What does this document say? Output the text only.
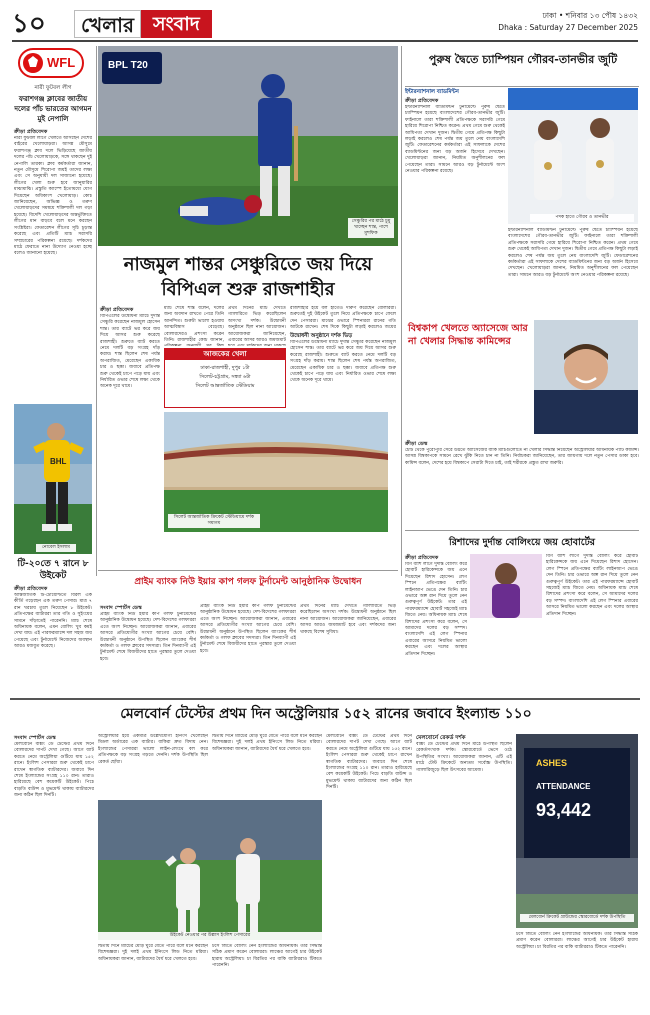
১০	খেলার	সংবাদ	ঢাকা • শনিবার ১৩ পৌষ ১৪৩২
Dhaka : Saturday 27 December 2025
WFL
নারী ফুটবল লীগ
ফরাশগঞ্জ ক্লাবের জাতীয় দলের পাঁচ ভারতের আগমন মুই নেপালি
ক্রীড়া প্রতিবেদক
নারী ফুটবল লীগে খেলতে আসছেন দেশের বাইরের খেলোয়াড়রা। আসন্ন মৌসুমে ফরাশগঞ্জ ক্লাব দলে ভিড়িয়েছে জাতীয় দলের পাঁচ খেলোয়াড়কে, সঙ্গে থাকছেন দুই নেপালি তারকা। ক্লাব কর্মকর্তারা জানান, নতুন মৌসুমে শিরোপা জয়ই তাদের লক্ষ্য এবং সে অনুযায়ী দল সাজানো হয়েছে। লীগের খেলা শুরু হবে জানুয়ারির মাঝামাঝি। প্রস্তুতি ক্যাম্পে ইতোমধ্যে যোগ দিয়েছেন অধিকাংশ খেলোয়াড়। কোচ জানিয়েছেন, অভিজ্ঞ ও তরুণ খেলোয়াড়দের সমন্বয়ে শক্তিশালী দল গড়া হয়েছে। বিদেশি খেলোয়াড়দের অন্তর্ভুক্তিতে লীগের মান বাড়বে বলে মনে করছেন সংশ্লিষ্টরা। ফেডারেশন লীগের সূচি চূড়ান্ত করেছে এবং প্রতিটি ম্যাচ সরাসরি সম্প্রচারের পরিকল্পনা রয়েছে। দর্শকদের মাঠে ফেরাতে নানা উদ্যোগ নেওয়া হচ্ছে বলেও জানানো হয়েছে।
BHL
নোবেল ইসলাম
টি-২০তে ৭ রানে ৮ উইকেট
ক্রীড়া প্রতিবেদক
আন্তর্জাতিক টি-টোয়েন্টিতে বিরল এক কীর্তি গড়েছেন এক তরুণ পেসার। মাত্র ৭ রান খরচায় তুলে নিয়েছেন ৮ উইকেট। প্রতিপক্ষের ব্যাটাররা তার গতি ও সুইংয়ের সামনে দাঁড়াতেই পারেননি। ম্যাচ শেষে অধিনায়ক বলেন, এমন বোলিং খুব কমই দেখা যায়। এই পারফরম্যান্সে দল সহজ জয় পেয়েছে এবং টুর্নামেন্টে নিজেদের অবস্থান আরও মজবুত করেছে।
BPL T20
সেঞ্চুরির পর মাঠে চুমু খাচ্ছেন শান্ত, পাশে মুশফিক
নাজমুল শান্তর সেঞ্চুরিতে জয় দিয়ে বিপিএল শুরু রাজশাহীর
ক্রীড়া প্রতিবেদক
বিপিএলের উদ্বোধনী ম্যাচে দুর্দান্ত সেঞ্চুরি করেছেন নাজমুল হোসেন শান্ত। তার ব্যাটে ভর করে জয় দিয়ে আসর শুরু করেছে রাজশাহী। শুরুতে ব্যাট করতে নেমে দলটি বড় সংগ্রহ দাঁড় করায়। শান্ত ছিলেন শেষ পর্যন্ত অপরাজিত, মেরেছেন একাধিক চার ও ছক্কা। জবাবে প্রতিপক্ষ শুরু থেকেই চাপে পড়ে যায় এবং নির্ধারিত ওভার শেষে লক্ষ্য থেকে অনেক দূরে থামে।
ম্যাচ শেষে শান্ত বলেন, দলের জন্য অবদান রাখতে পেরে তিনি আনন্দিত। শুরুটা ভালো হওয়ায় আত্মবিশ্বাস বেড়েছে। বোলারদেরও প্রশংসা করেন তিনি। রাজশাহীর কোচ জানান,
আজকের খেলা
ঢাকা-রাজশাহী, দুপুর ১টা
সিলেট-চট্টগ্রাম, সন্ধ্যা ৬টা
সিলেট আন্তর্জাতিক স্টেডিয়াম
প্রথম দিনের ম্যাচ দেখতে গ্যালারিতে ভিড় করেছিলেন অসংখ্য দর্শক। উদ্বোধনী অনুষ্ঠানে ছিল নানা আয়োজন। আয়োজকরা জানিয়েছেন, এবারের আসর আরও জমজমাট
রাজশাহীর হয়ে বল হাতেও দারুণ করেছেন বোলাররা। শুরুতেই দুই উইকেট তুলে নিয়ে প্রতিপক্ষকে চাপে ফেলে দেন পেসাররা। মাঝের ওভারে স্পিনাররা রানের গতি আটকে রাখেন। শেষ দিকে কিছুটা লড়াই করলেও জয়ের
উদ্বোধনী অনুষ্ঠানে দর্শক ভিড়
বিপিএলের উদ্বোধনী ম্যাচে দুর্দান্ত সেঞ্চুরি করেছেন নাজমুল হোসেন শান্ত। তার ব্যাটে ভর করে জয় দিয়ে আসর শুরু করেছে রাজশাহী। শুরুতে ব্যাট করতে নেমে দলটি বড় সংগ্রহ দাঁড় করায়। শান্ত ছিলেন শেষ পর্যন্ত অপরাজিত, মেরেছেন একাধিক চার ও ছক্কা। জবাবে প্রতিপক্ষ শুরু থেকেই চাপে পড়ে যায় এবং নির্ধারিত ওভার শেষে লক্ষ্য থেকে অনেক দূরে থামে।
সিলেট আন্তর্জাতিক ক্রিকেট স্টেডিয়ামে দর্শক সমাগম
পুরুষ দ্বৈতে চ্যাম্পিয়ন গৌরব-তানভীর জুটি
ইন্টারন্যাশনাল ব্যাডমিন্টন
ক্রীড়া প্রতিবেদক
ইন্টারন্যাশনাল ব্যাডমিন্টন টুর্নামেন্টে পুরুষ দ্বৈতে চ্যাম্পিয়ন হয়েছে বাংলাদেশের গৌরব-তানভীর জুটি। ফাইনালে তারা শক্তিশালী প্রতিপক্ষকে সরাসরি গেমে হারিয়ে শিরোপা নিশ্চিত করেন। প্রথম গেমে শুরু থেকেই আধিপত্য দেখান দুজন। দ্বিতীয় গেমে প্রতিপক্ষ কিছুটা লড়াই করলেও শেষ পর্যন্ত জয় তুলে নেয় বাংলাদেশি জুটি। ফেডারেশনের কর্মকর্তারা এই সাফল্যকে দেশের ব্যাডমিন্টনের জন্য বড় অর্জন হিসেবে দেখছেন। খেলোয়াড়রা জানান, নিয়মিত অনুশীলনের ফল পেয়েছেন তারা। সামনে আরও বড় টুর্নামেন্টে অংশ নেওয়ার পরিকল্পনা রয়েছে।
পদক হাতে গৌরব ও তানভীর
ইন্টারন্যাশনাল ব্যাডমিন্টন টুর্নামেন্টে পুরুষ দ্বৈতে চ্যাম্পিয়ন হয়েছে বাংলাদেশের গৌরব-তানভীর জুটি। ফাইনালে তারা শক্তিশালী প্রতিপক্ষকে সরাসরি গেমে হারিয়ে শিরোপা নিশ্চিত করেন। প্রথম গেমে শুরু থেকেই আধিপত্য দেখান দুজন। দ্বিতীয় গেমে প্রতিপক্ষ কিছুটা লড়াই করলেও শেষ পর্যন্ত জয় তুলে নেয় বাংলাদেশি জুটি। ফেডারেশনের কর্মকর্তারা এই সাফল্যকে দেশের ব্যাডমিন্টনের জন্য বড় অর্জন হিসেবে দেখছেন। খেলোয়াড়রা জানান, নিয়মিত অনুশীলনের ফল পেয়েছেন তারা। সামনে আরও বড় টুর্নামেন্টে অংশ নেওয়ার পরিকল্পনা রয়েছে।
বিশ্বকাপ খেলতে অ্যাসেজে আর না খেলার সিদ্ধান্ত কামিন্সের
ক্রীড়া ডেস্ক
চোট থেকে পুরোপুরি সেরে উঠতে অ্যাসেজের বাকি ম্যাচগুলোতে না খেলার সিদ্ধান্ত নিয়েছেন অস্ট্রেলিয়ার অধিনায়ক প্যাট কামিন্স। আসন্ন বিশ্বকাপকে সামনে রেখে ঝুঁকি নিতে চান না তিনি। নির্বাচকরা জানিয়েছেন, তার জায়গায় দলে নতুন পেসার ডাকা হবে। কামিন্স বলেন, দেশের হয়ে বিশ্বকাপে সেরাটা দিতে চাই, তাই শরীরকে প্রস্তুত রাখা জরুরি।
রিশাদের দুর্দান্ত বোলিংয়ে জয় হোবার্টের
ক্রীড়া প্রতিবেদক
বিগ ব্যাশ লীগে দুর্দান্ত বোলিং করে হোবার্ট হারিকেন্সকে জয় এনে দিয়েছেন রিশাদ হোসেন। লেগ স্পিনে প্রতিপক্ষের ব্যাটিং লাইনআপ ভেঙে দেন তিনি। চার ওভারে অল্প রান দিয়ে তুলে নেন গুরুত্বপূর্ণ উইকেট। তার এই পারফরম্যান্সে হোবার্ট সহজেই ম্যাচ জিতে নেয়। অধিনায়ক ম্যাচ শেষে রিশাদের প্রশংসা করে বলেন, সে আমাদের দলের বড় সম্পদ। বাংলাদেশি এই লেগ স্পিনার এবারের আসরে নিয়মিত ভালো করছেন এবং দলের আস্থার প্রতিদান দিচ্ছেন।
বিগ ব্যাশ লীগে দুর্দান্ত বোলিং করে হোবার্ট হারিকেন্সকে জয় এনে দিয়েছেন রিশাদ হোসেন। লেগ স্পিনে প্রতিপক্ষের ব্যাটিং লাইনআপ ভেঙে দেন তিনি। চার ওভারে অল্প রান দিয়ে তুলে নেন গুরুত্বপূর্ণ উইকেট। তার এই পারফরম্যান্সে হোবার্ট সহজেই ম্যাচ জিতে নেয়। অধিনায়ক ম্যাচ শেষে রিশাদের প্রশংসা করে বলেন, সে আমাদের দলের বড় সম্পদ। বাংলাদেশি এই লেগ স্পিনার এবারের আসরে নিয়মিত ভালো করছেন এবং দলের আস্থার প্রতিদান দিচ্ছেন।
প্রাইম ব্যাংক নিউ ইয়ার কাপ গলফ টুর্নামেন্ট আনুষ্ঠানিক উদ্বোধন
সংবাদ স্পোর্টস ডেস্ক
প্রাইম ব্যাংক নিউ ইয়ার কাপ গলফ টুর্নামেন্টের আনুষ্ঠানিক উদ্বোধন হয়েছে। দেশ-বিদেশের গলফাররা এতে অংশ নিচ্ছেন। আয়োজকরা জানান, এবারের আসরে প্রতিযোগীর সংখ্যা আগের চেয়ে বেশি। উদ্বোধনী অনুষ্ঠানে উপস্থিত ছিলেন ব্যাংকের শীর্ষ কর্মকর্তা ও গলফ ক্লাবের সদস্যরা। তিন দিনব্যাপী এই টুর্নামেন্ট শেষে বিজয়ীদের হাতে পুরস্কার তুলে দেওয়া হবে।
প্রাইম ব্যাংক নিউ ইয়ার কাপ গলফ টুর্নামেন্টের আনুষ্ঠানিক উদ্বোধন হয়েছে। দেশ-বিদেশের গলফাররা এতে অংশ নিচ্ছেন। আয়োজকরা জানান, এবারের আসরে প্রতিযোগীর সংখ্যা আগের চেয়ে বেশি। উদ্বোধনী অনুষ্ঠানে উপস্থিত ছিলেন ব্যাংকের শীর্ষ কর্মকর্তা ও গলফ ক্লাবের সদস্যরা। তিন দিনব্যাপী এই টুর্নামেন্ট শেষে বিজয়ীদের হাতে পুরস্কার তুলে দেওয়া হবে।
প্রথম দিনের ম্যাচ দেখতে গ্যালারিতে ভিড় করেছিলেন অসংখ্য দর্শক। উদ্বোধনী অনুষ্ঠানে ছিল নানা আয়োজন। আয়োজকরা জানিয়েছেন, এবারের আসর আরও জমজমাট হবে এবং দর্শকদের জন্য থাকছে বিশেষ সুবিধা।
মেলবোর্ন টেস্টের প্রথম দিন অস্ট্রেলিয়ার ১৫২ রানের জবাবে ইংল্যান্ড ১১০
সংবাদ স্পোর্টস ডেস্ক
মেলবোর্নে বক্সিং ডে টেস্টের প্রথম দিনে বোলারদের দাপট দেখা গেছে। আগে ব্যাট করতে নেমে অস্ট্রেলিয়া গুটিয়ে যায় ১৫২ রানে। ইংলিশ পেসাররা শুরু থেকেই চাপে রাখেন স্বাগতিক ব্যাটারদের। জবাবে দিন শেষে ইংল্যান্ডের সংগ্রহ ১১০ রান। তারাও হারিয়েছে বেশ কয়েকটি উইকেট। পিচে বাড়তি বাউন্স ও মুভমেন্ট থাকায় ব্যাটারদের জন্য কঠিন ছিল দিনটি।
অস্ট্রেলিয়ার হয়ে একমাত্র উল্লেখযোগ্য ইনিংস খেলেছেন মিডল অর্ডারের এক ব্যাটার। বাকিরা দ্রুত বিদায় নেন। ইংল্যান্ডের পেসাররা ভালো লাইন-লেংথে বল করে প্রতিপক্ষকে বড় সংগ্রহ গড়তে দেননি। দর্শক উপস্থিতি ছিল রেকর্ড ছোঁয়া।
দ্বিতীয় দিনে ম্যাচের মোড় ঘুরে যেতে পারে বলে মনে করছেন বিশেষজ্ঞরা। দুই দলই প্রথম ইনিংসে লিড নিতে মরিয়া। অধিনায়করা জানান, ব্যাটারদের ধৈর্য ধরে খেলতে হবে।
উইকেট নেওয়ার পর উল্লাস ইংলিশ পেসারের
দ্বিতীয় দিনে ম্যাচের মোড় ঘুরে যেতে পারে বলে মনে করছেন বিশেষজ্ঞরা। দুই দলই প্রথম ইনিংসে লিড নিতে মরিয়া। অধিনায়করা জানান, ব্যাটারদের ধৈর্য ধরে খেলতে হবে।
টসে জিতে বোলিং নেন ইংল্যান্ডের অধিনায়ক। তার সিদ্ধান্ত সঠিক প্রমাণ করেন বোলাররা। লাঞ্চের আগেই চার উইকেট হারায় অস্ট্রেলিয়া। চা বিরতির পর বাকি ব্যাটাররাও টিকতে পারেননি।
মেলবোর্নে বক্সিং ডে টেস্টের প্রথম দিনে বোলারদের দাপট দেখা গেছে। আগে ব্যাট করতে নেমে অস্ট্রেলিয়া গুটিয়ে যায় ১৫২ রানে। ইংলিশ পেসাররা শুরু থেকেই চাপে রাখেন স্বাগতিক ব্যাটারদের। জবাবে দিন শেষে ইংল্যান্ডের সংগ্রহ ১১০ রান। তারাও হারিয়েছে বেশ কয়েকটি উইকেট। পিচে বাড়তি বাউন্স ও মুভমেন্ট থাকায় ব্যাটারদের জন্য কঠিন ছিল দিনটি।
মেলবোর্নে রেকর্ড দর্শক
বক্সিং ডে টেস্টের প্রথম দিনে মাঠে উপস্থিত ছিলেন রেকর্ডসংখ্যক দর্শক। স্কোরবোর্ডে ভেসে ওঠে উপস্থিতির সংখ্যা। আয়োজকরা জানান, এটি এই মাঠে টেস্ট ক্রিকেটে অন্যতম সর্বোচ্চ উপস্থিতি। গ্যালারিজুড়ে ছিল উৎসবের আমেজ।
ASHES
ATTENDANCE
93,442
মেলবোর্ন ক্রিকেট গ্রাউন্ডের স্কোরবোর্ডে দর্শক উপস্থিতি
টসে জিতে বোলিং নেন ইংল্যান্ডের অধিনায়ক। তার সিদ্ধান্ত সঠিক প্রমাণ করেন বোলাররা। লাঞ্চের আগেই চার উইকেট হারায় অস্ট্রেলিয়া। চা বিরতির পর বাকি ব্যাটাররাও টিকতে পারেননি।
